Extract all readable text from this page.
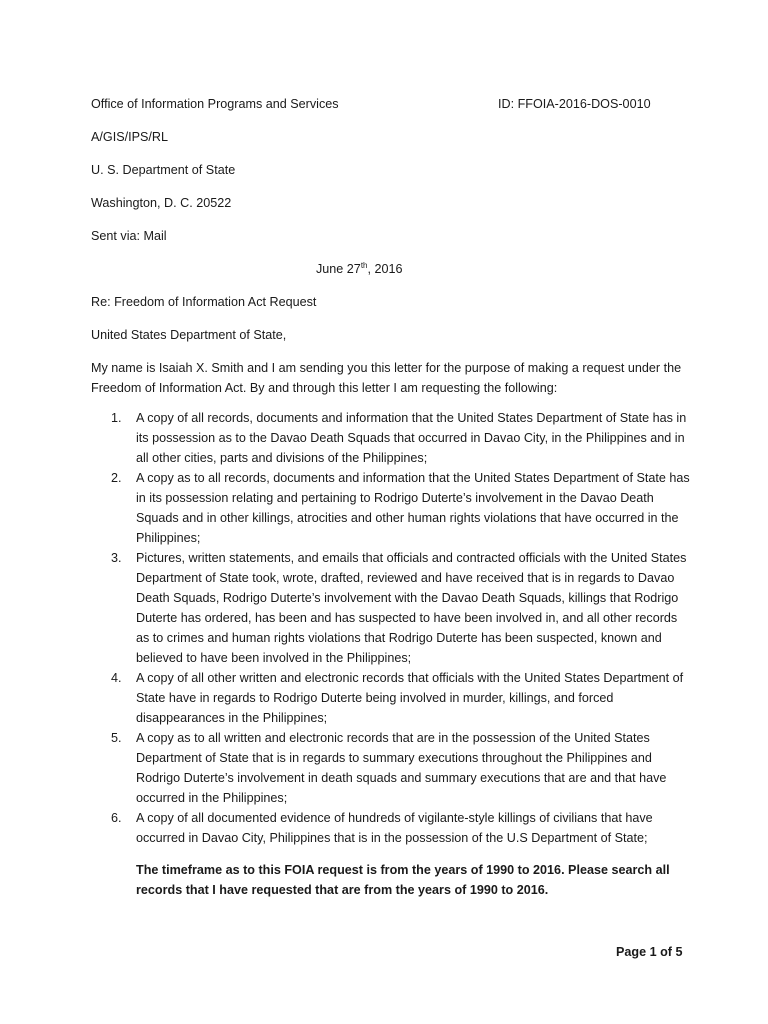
Office of Information Programs and Services	ID: FFOIA-2016-DOS-0010
A/GIS/IPS/RL
U. S. Department of State
Washington, D. C. 20522
Sent via: Mail
June 27th, 2016
Re: Freedom of Information Act Request
United States Department of State,
My name is Isaiah X. Smith and I am sending you this letter for the purpose of making a request under the Freedom of Information Act. By and through this letter I am requesting the following:
1. A copy of all records, documents and information that the United States Department of State has in its possession as to the Davao Death Squads that occurred in Davao City, in the Philippines and in all other cities, parts and divisions of the Philippines;
2. A copy as to all records, documents and information that the United States Department of State has in its possession relating and pertaining to Rodrigo Duterte’s involvement in the Davao Death Squads and in other killings, atrocities and other human rights violations that have occurred in the Philippines;
3. Pictures, written statements, and emails that officials and contracted officials with the United States Department of State took, wrote, drafted, reviewed and have received that is in regards to Davao Death Squads, Rodrigo Duterte’s involvement with the Davao Death Squads, killings that Rodrigo Duterte has ordered, has been and has suspected to have been involved in, and all other records as to crimes and human rights violations that Rodrigo Duterte has been suspected, known and believed to have been involved in the Philippines;
4. A copy of all other written and electronic records that officials with the United States Department of State have in regards to Rodrigo Duterte being involved in murder, killings, and forced disappearances in the Philippines;
5. A copy as to all written and electronic records that are in the possession of the United States Department of State that is in regards to summary executions throughout the Philippines and Rodrigo Duterte’s involvement in death squads and summary executions that are and that have occurred in the Philippines;
6. A copy of all documented evidence of hundreds of vigilante-style killings of civilians that have occurred in Davao City, Philippines that is in the possession of the U.S Department of State;
The timeframe as to this FOIA request is from the years of 1990 to 2016. Please search all records that I have requested that are from the years of 1990 to 2016.
Page 1 of 5
